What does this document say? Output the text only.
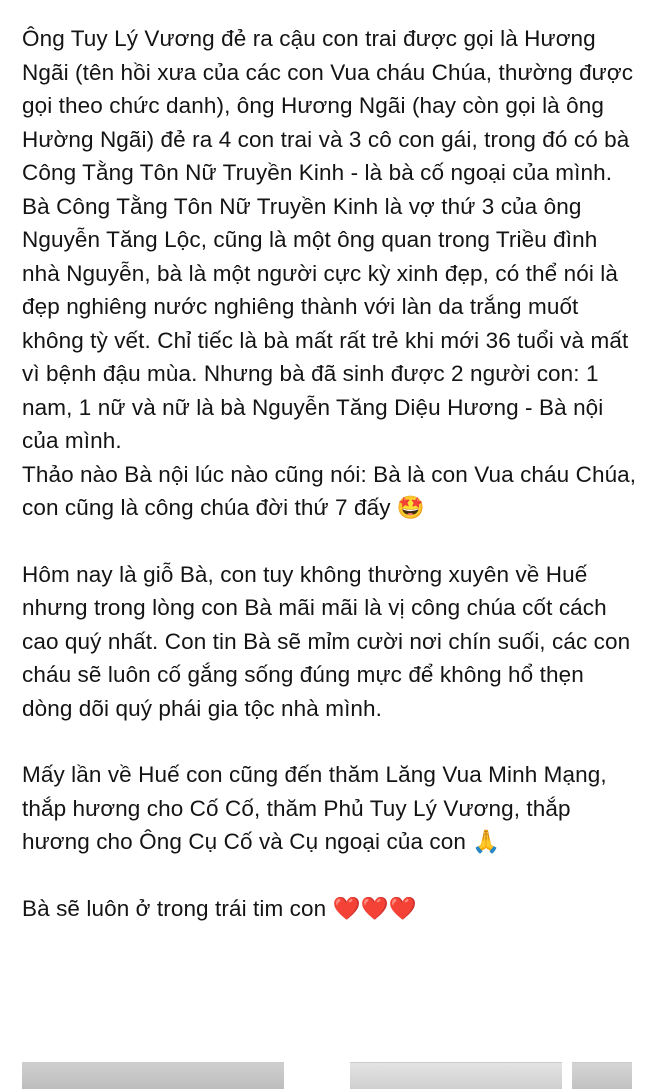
Ông Tuy Lý Vương đẻ ra cậu con trai được gọi là Hương Ngãi (tên hồi xưa của các con Vua cháu Chúa, thường được gọi theo chức danh), ông Hương Ngãi (hay còn gọi là ông Hường Ngãi) đẻ ra 4 con trai và 3 cô con gái, trong đó có bà Công Tằng Tôn Nữ Truyền Kinh - là bà cố ngoại của mình. Bà Công Tằng Tôn Nữ Truyền Kinh là vợ thứ 3 của ông Nguyễn Tăng Lộc, cũng là một ông quan trong Triều đình nhà Nguyễn, bà là một người cực kỳ xinh đẹp, có thể nói là đẹp nghiêng nước nghiêng thành với làn da trắng muốt không tỳ vết. Chỉ tiếc là bà mất rất trẻ khi mới 36 tuổi và mất vì bệnh đậu mùa. Nhưng bà đã sinh được 2 người con: 1 nam, 1 nữ và nữ là bà Nguyễn Tăng Diệu Hương - Bà nội của mình.

Thảo nào Bà nội lúc nào cũng nói: Bà là con Vua cháu Chúa, con cũng là công chúa đời thứ 7 đấy 🤩

Hôm nay là giỗ Bà, con tuy không thường xuyên về Huế nhưng trong lòng con Bà mãi mãi là vị công chúa cốt cách cao quý nhất. Con tin Bà sẽ mỉm cười nơi chín suối, các con cháu sẽ luôn cố gắng sống đúng mực để không hổ thẹn dòng dõi quý phái gia tộc nhà mình.

Mấy lần về Huế con cũng đến thăm Lăng Vua Minh Mạng, thắp hương cho Cố Cố, thăm Phủ Tuy Lý Vương, thắp hương cho Ông Cụ Cố và Cụ ngoại của con 🙏

Bà sẽ luôn ở trong trái tim con ❤️❤️❤️
